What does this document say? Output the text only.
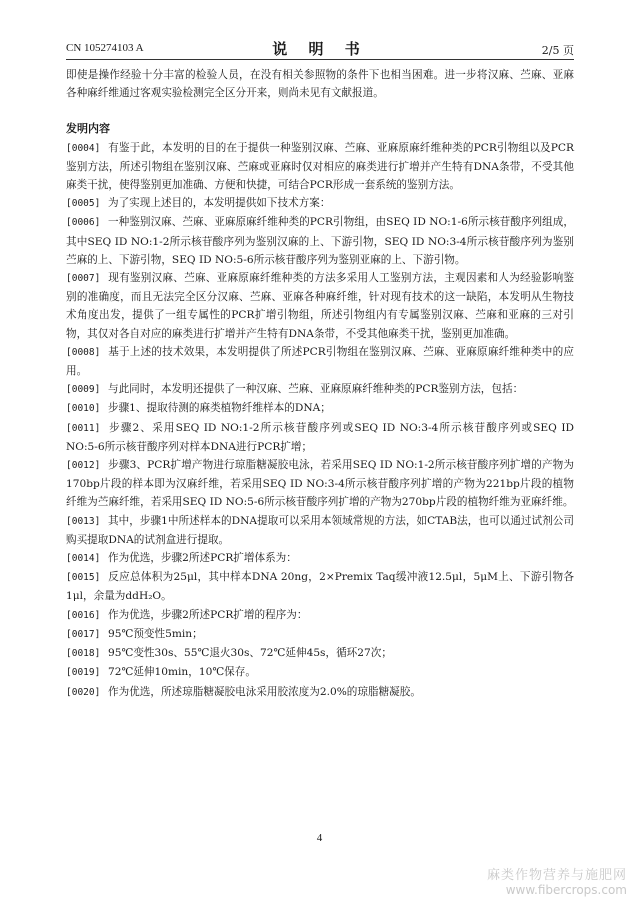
CN 105274103 A	说 明 书	2/5 页

即使是操作经验十分丰富的检验人员，在没有相关参照物的条件下也相当困难。进一步将汉麻、苎麻、亚麻各种麻纤维通过客观实验检测完全区分开来，则尚未见有文献报道。

发明内容

[0004] 有鉴于此，本发明的目的在于提供一种鉴别汉麻、苎麻、亚麻原麻纤维种类的PCR引物组以及PCR鉴别方法，所述引物组在鉴别汉麻、苎麻或亚麻时仅对相应的麻类进行扩增并产生特有DNA条带，不受其他麻类干扰，使得鉴别更加准确、方便和快捷，可结合PCR形成一套系统的鉴别方法。

[0005] 为了实现上述目的，本发明提供如下技术方案：

[0006] 一种鉴别汉麻、苎麻、亚麻原麻纤维种类的PCR引物组，由SEQ ID NO:1-6所示核苷酸序列组成，其中SEQ ID NO:1-2所示核苷酸序列为鉴别汉麻的上、下游引物，SEQ ID NO:3-4所示核苷酸序列为鉴别苎麻的上、下游引物，SEQ ID NO:5-6所示核苷酸序列为鉴别亚麻的上、下游引物。

[0007] 现有鉴别汉麻、苎麻、亚麻原麻纤维种类的方法多采用人工鉴别方法，主观因素和人为经验影响鉴别的准确度，而且无法完全区分汉麻、苎麻、亚麻各种麻纤维，针对现有技术的这一缺陷，本发明从生物技术角度出发，提供了一组专属性的PCR扩增引物组，所述引物组内有专属鉴别汉麻、苎麻和亚麻的三对引物，其仅对各自对应的麻类进行扩增并产生特有DNA条带，不受其他麻类干扰，鉴别更加准确。

[0008] 基于上述的技术效果，本发明提供了所述PCR引物组在鉴别汉麻、苎麻、亚麻原麻纤维种类中的应用。

[0009] 与此同时，本发明还提供了一种汉麻、苎麻、亚麻原麻纤维种类的PCR鉴别方法，包括：

[0010] 步骤1、提取待测的麻类植物纤维样本的DNA；

[0011] 步骤2、采用SEQ ID NO:1-2所示核苷酸序列或SEQ ID NO:3-4所示核苷酸序列或SEQ ID NO:5-6所示核苷酸序列对样本DNA进行PCR扩增；

[0012] 步骤3、PCR扩增产物进行琼脂糖凝胶电泳，若采用SEQ ID NO:1-2所示核苷酸序列扩增的产物为170bp片段的样本即为汉麻纤维，若采用SEQ ID NO:3-4所示核苷酸序列扩增的产物为221bp片段的植物纤维为苎麻纤维，若采用SEQ ID NO:5-6所示核苷酸序列扩增的产物为270bp片段的植物纤维为亚麻纤维。

[0013] 其中，步骤1中所述样本的DNA提取可以采用本领域常规的方法，如CTAB法，也可以通过试剂公司购买提取DNA的试剂盒进行提取。

[0014] 作为优选，步骤2所述PCR扩增体系为：

[0015] 反应总体积为25μl，其中样本DNA 20ng，2×Premix Taq缓冲液12.5μl，5μM上、下游引物各1μl，余量为ddH₂O。

[0016] 作为优选，步骤2所述PCR扩增的程序为：

[0017] 95℃预变性5min；

[0018] 95℃变性30s、55℃退火30s、72℃延伸45s，循环27次；

[0019] 72℃延伸10min，10℃保存。

[0020] 作为优选，所述琼脂糖凝胶电泳采用胶浓度为2.0%的琼脂糖凝胶。

4
麻类作物营养与施肥网
www.fibercrops.com
